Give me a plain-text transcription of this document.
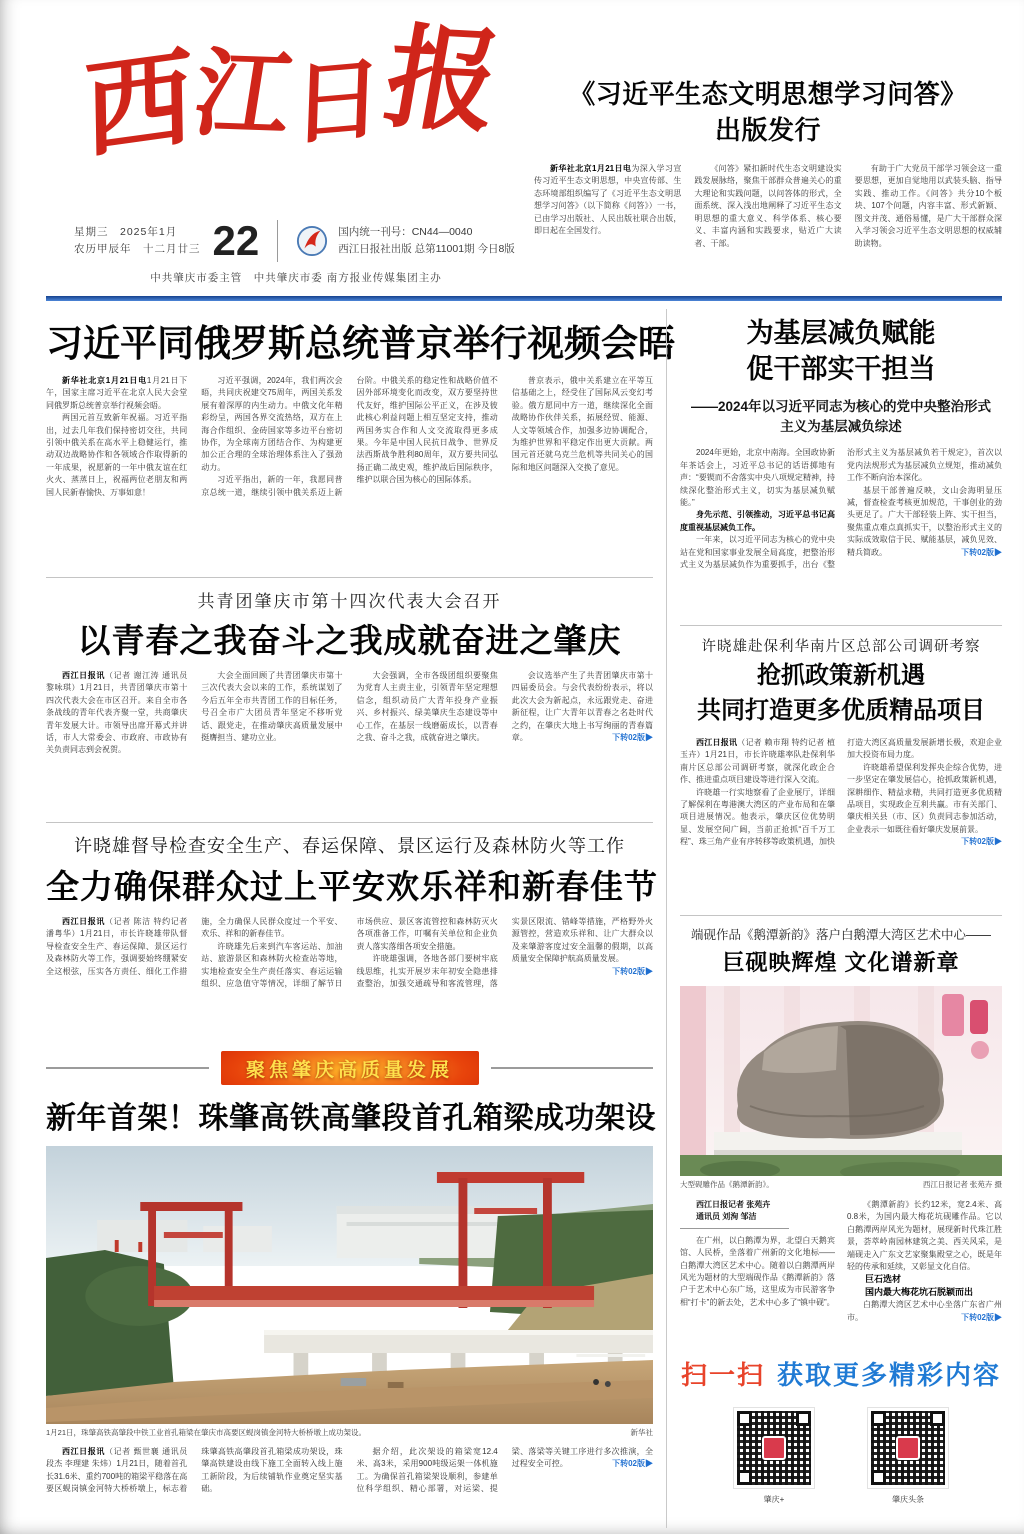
西江日报
星期三　 2025年1月
农历甲辰年　 十二月廿三 22	国内统一刊号：CN44—0040
西江日报社出版 总第11001期 今日8版
中共肇庆市委主管　中共肇庆市委 南方报业传媒集团主办
《习近平生态文明思想学习问答》
出版发行

新华社北京1月21日电为深入学习宣传习近平生态文明思想，中央宣传部、生态环境部组织编写了《习近平生态文明思想学习问答》（以下简称《问答》）一书，已由学习出版社、人民出版社联合出版，即日起在全国发行。

《问答》紧扣新时代生态文明建设实践发展脉络，聚焦干部群众普遍关心的重大理论和实践问题，以问答体的形式，全面系统、深入浅出地阐释了习近平生态文明思想的重大意义、科学体系、核心要义、丰富内涵和实践要求，贴近广大读者、干部。

有助于广大党员干部学习领会这一重要思想，更加自觉地用以武装头脑、指导实践、推动工作。《问答》共分10个板块、107个问题，内容丰富、形式新颖、图文并茂、通俗易懂，是广大干部群众深入学习领会习近平生态文明思想的权威辅助读物。

习近平同俄罗斯总统普京举行视频会晤

新华社北京1月21日电1月21日下午，国家主席习近平在北京人民大会堂同俄罗斯总统普京举行视频会晤。

两国元首互致新年祝福。习近平指出，过去几年我们保持密切交往，共同引领中俄关系在高水平上稳健运行，推动双边战略协作和各领域合作取得新的一年成果，祝愿新的一年中俄友谊在红火火、蒸蒸日上，祝福两位老朋友和两国人民新春愉快、万事如意！

习近平强调，2024年，我们两次会晤，共同庆祝建交75周年，两国关系发展有着深厚的内生动力。中俄文化年精彩纷呈，两国各界交流热络，双方在上海合作组织、金砖国家等多边平台密切协作，为全球南方团结合作、为构建更加公正合理的全球治理体系注入了强劲动力。

习近平指出，新的一年，我愿同普京总统一道，继续引领中俄关系迈上新台阶。中俄关系的稳定性和战略价值不因外部环境变化而改变，双方要坚持世代友好，维护国际公平正义，在涉及彼此核心利益问题上相互坚定支持，推动两国务实合作和人文交流取得更多成果。今年是中国人民抗日战争、世界反法西斯战争胜利80周年，双方要共同弘扬正确二战史观，维护战后国际秩序，维护以联合国为核心的国际体系。

普京表示，俄中关系建立在平等互信基础之上，经受住了国际风云变幻考验。俄方愿同中方一道，继续深化全面战略协作伙伴关系，拓展经贸、能源、人文等领域合作，加强多边协调配合，为维护世界和平稳定作出更大贡献。两国元首还就乌克兰危机等共同关心的国际和地区问题深入交换了意见。

共青团肇庆市第十四次代表大会召开
以青春之我奋斗之我成就奋进之肇庆

西江日报讯（记者 谢江涛 通讯员 黎咏琪）1月21日，共青团肇庆市第十四次代表大会在市区召开。来自全市各条战线的青年代表齐聚一堂，共商肇庆青年发展大计。市领导出席开幕式并讲话，市人大常委会、市政府、市政协有关负责同志到会祝贺。

大会全面回顾了共青团肇庆市第十三次代表大会以来的工作，系统谋划了今后五年全市共青团工作的目标任务，号召全市广大团员青年坚定不移听党话、跟党走，在推动肇庆高质量发展中挺膺担当、建功立业。

大会强调，全市各级团组织要聚焦为党育人主责主业，引领青年坚定理想信念，组织动员广大青年投身产业振兴、乡村振兴、绿美肇庆生态建设等中心工作，在基层一线磨砺成长，以青春之我、奋斗之我，成就奋进之肇庆。

会议选举产生了共青团肇庆市第十四届委员会。与会代表纷纷表示，将以此次大会为新起点，永远跟党走、奋进新征程，让广大青年以青春之名赴时代之约，在肇庆大地上书写绚丽的青春篇章。	下转02版▶

许晓雄督导检查安全生产、春运保障、景区运行及森林防火等工作
全力确保群众过上平安欢乐祥和新春佳节

西江日报讯（记者 陈洁 特约记者 潘粤华）1月21日，市长许晓雄带队督导检查安全生产、春运保障、景区运行及森林防火等工作，强调要始终绷紧安全这根弦，压实各方责任、细化工作措施，全力确保人民群众度过一个平安、欢乐、祥和的新春佳节。

许晓雄先后来到汽车客运站、加油站、旅游景区和森林防火检查站等地，实地检查安全生产责任落实、春运运输组织、应急值守等情况，详细了解节日市场供应、景区客流管控和森林防灭火各项准备工作，叮嘱有关单位和企业负责人落实落细各项安全措施。

许晓雄强调，各地各部门要树牢底线思维，扎实开展岁末年初安全隐患排查整治，加强交通疏导和客流管理，落实景区限流、错峰等措施，严格野外火源管控，营造欢乐祥和、让广大群众以及来肇游客度过安全温馨的假期，以高质量安全保障护航高质量发展。
下转02版▶

聚焦肇庆高质量发展
新年首架！珠肇高铁高肇段首孔箱梁成功架设
1月21日，珠肇高铁高肇段中铁工业首孔箱梁在肇庆市高要区蚬岗镇金河特大桥桥墩上成功架设。	新华社

西江日报讯（记者 甄世襄 通讯员 段杰 李理建 朱炜）1月21日，随着首孔长31.6米、重约700吨的箱梁平稳落在高要区蚬岗镇金河特大桥桥墩上，标志着珠肇高铁高肇段首孔箱梁成功架设，珠肇高铁建设由线下施工全面转入线上施工新阶段，为后续铺轨作业奠定坚实基础。

据介绍，此次架设的箱梁宽12.4米、高3米，采用900吨级运架一体机施工。为确保首孔箱梁架设顺利，参建单位科学组织、精心部署，对运梁、提梁、落梁等关键工序进行多次推演，全过程安全可控。	下转02版▶

为基层减负赋能
促干部实干担当
——2024年以习近平同志为核心的党中央整治形式主义为基层减负综述

2024年更始，北京中南海。全国政协新年茶话会上，习近平总书记的话语掷地有声：“要锲而不舍落实中央八项规定精神，持续深化整治形式主义，切实为基层减负赋能。”

身先示范、引领推动，习近平总书记高度重视基层减负工作。

一年来，以习近平同志为核心的党中央站在党和国家事业发展全局高度，把整治形式主义为基层减负作为重要抓手，出台《整治形式主义为基层减负若干规定》，首次以党内法规形式为基层减负立规矩，推动减负工作不断向治本深化。

基层干部普遍反映，文山会海明显压减，督查检查考核更加规范，干事创业的劲头更足了。广大干部轻装上阵、实干担当，聚焦重点难点真抓实干，以整治形式主义的实际成效取信于民、赋能基层，减负见效、精兵简政。	下转02版▶

许晓雄赴保利华南片区总部公司调研考察
抢抓政策新机遇
共同打造更多优质精品项目

西江日报讯（记者 赖市翔 特约记者 植玉卉）1月21日，市长许晓雄率队赴保利华南片区总部公司调研考察，就深化政企合作、推进重点项目建设等进行深入交流。

许晓雄一行实地察看了企业展厅，详细了解保利在粤港澳大湾区的产业布局和在肇项目进展情况。他表示，肇庆区位优势明显、发展空间广阔，当前正抢抓“百千万工程”、珠三角产业有序转移等政策机遇，加快打造大湾区高质量发展新增长极，欢迎企业加大投资布局力度。

许晓雄希望保利发挥央企综合优势，进一步坚定在肇发展信心，抢抓政策新机遇，深耕细作、精益求精，共同打造更多优质精品项目，实现政企互利共赢。市有关部门、肇庆相关县（市、区）负责同志参加活动，企业表示一如既往看好肇庆发展前景。
下转02版▶

端砚作品《鹅潭新韵》落户白鹅潭大湾区艺术中心——
巨砚映辉煌 文化谱新章
大型砚雕作品《鹅潭新韵》。	西江日报记者 张苑卉 摄

西江日报记者 张苑卉

通讯员 刘洵 邹洁

在广州，以白鹅潭为界，北望白天鹅宾馆、人民桥，坐落着广州新的文化地标——白鹅潭大湾区艺术中心。随着以白鹅潭两岸风光为题材的大型端砚作品《鹅潭新韵》落户于艺术中心东广场，这里成为市民游客争相“打卡”的新去处，艺术中心多了“镇中砚”。

《鹅潭新韵》长约12米，宽2.4米、高0.8米，为国内最大梅花坑砚雕作品。它以白鹅潭两岸风光为题材，展现新时代珠江胜景，荟萃岭南园林建筑之美、西关风采，是端砚走入广东文艺家聚集殿堂之心，既是年轻的传承和延续，又彰显文化自信。

巨石选材

国内最大梅花坑石脱颖而出

白鹅潭大湾区艺术中心坐落广东省广州市。	下转02版▶

扫一扫 获取更多精彩内容
肇庆+	肇庆头条
